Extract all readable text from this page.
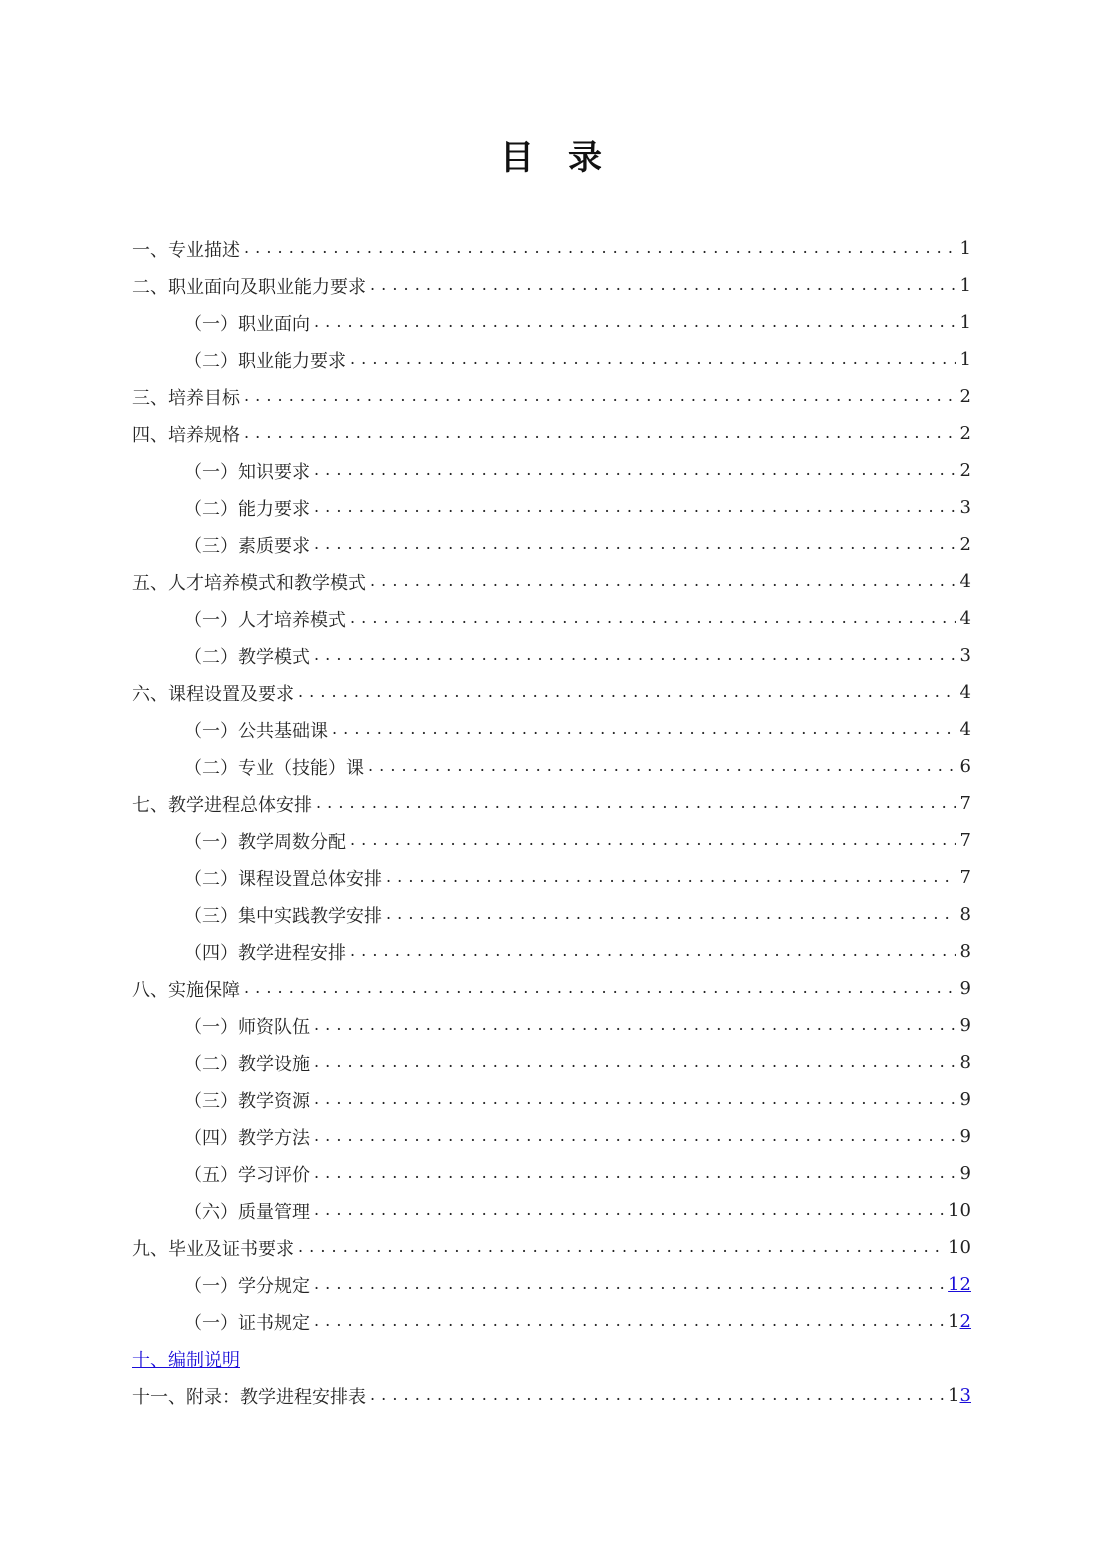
目 录
一、专业描述 . . .	1
二、职业面向及职业能力要求 . . .	1
（一）职业面向 . . .	1
（二）职业能力要求 . . .	1
三、培养目标 . . .	2
四、培养规格 . . .	2
（一）知识要求 . . .	2
（二）能力要求 . . .	3
（三）素质要求 . . .	2
五、人才培养模式和教学模式 . . .	4
（一）人才培养模式 . . .	4
（二）教学模式 . . .	3
六、课程设置及要求 . . .	4
（一）公共基础课 . . .	4
（二）专业（技能）课 . . .	6
七、教学进程总体安排 . . .	7
（一）教学周数分配 . . .	7
（二）课程设置总体安排 . . .	7
（三）集中实践教学安排 . . .	8
（四）教学进程安排 . . .	8
八、实施保障 . . .	9
（一）师资队伍 . . .	9
（二）教学设施 . . .	8
（三）教学资源 . . .	9
（四）教学方法 . . .	9
（五）学习评价 . . .	9
（六）质量管理 . . .	10
九、毕业及证书要求 . . .	10
（一）学分规定 . . .	12
（一）证书规定 . . .	12
十、编制说明
十一、附录：教学进程安排表 . . .	13
